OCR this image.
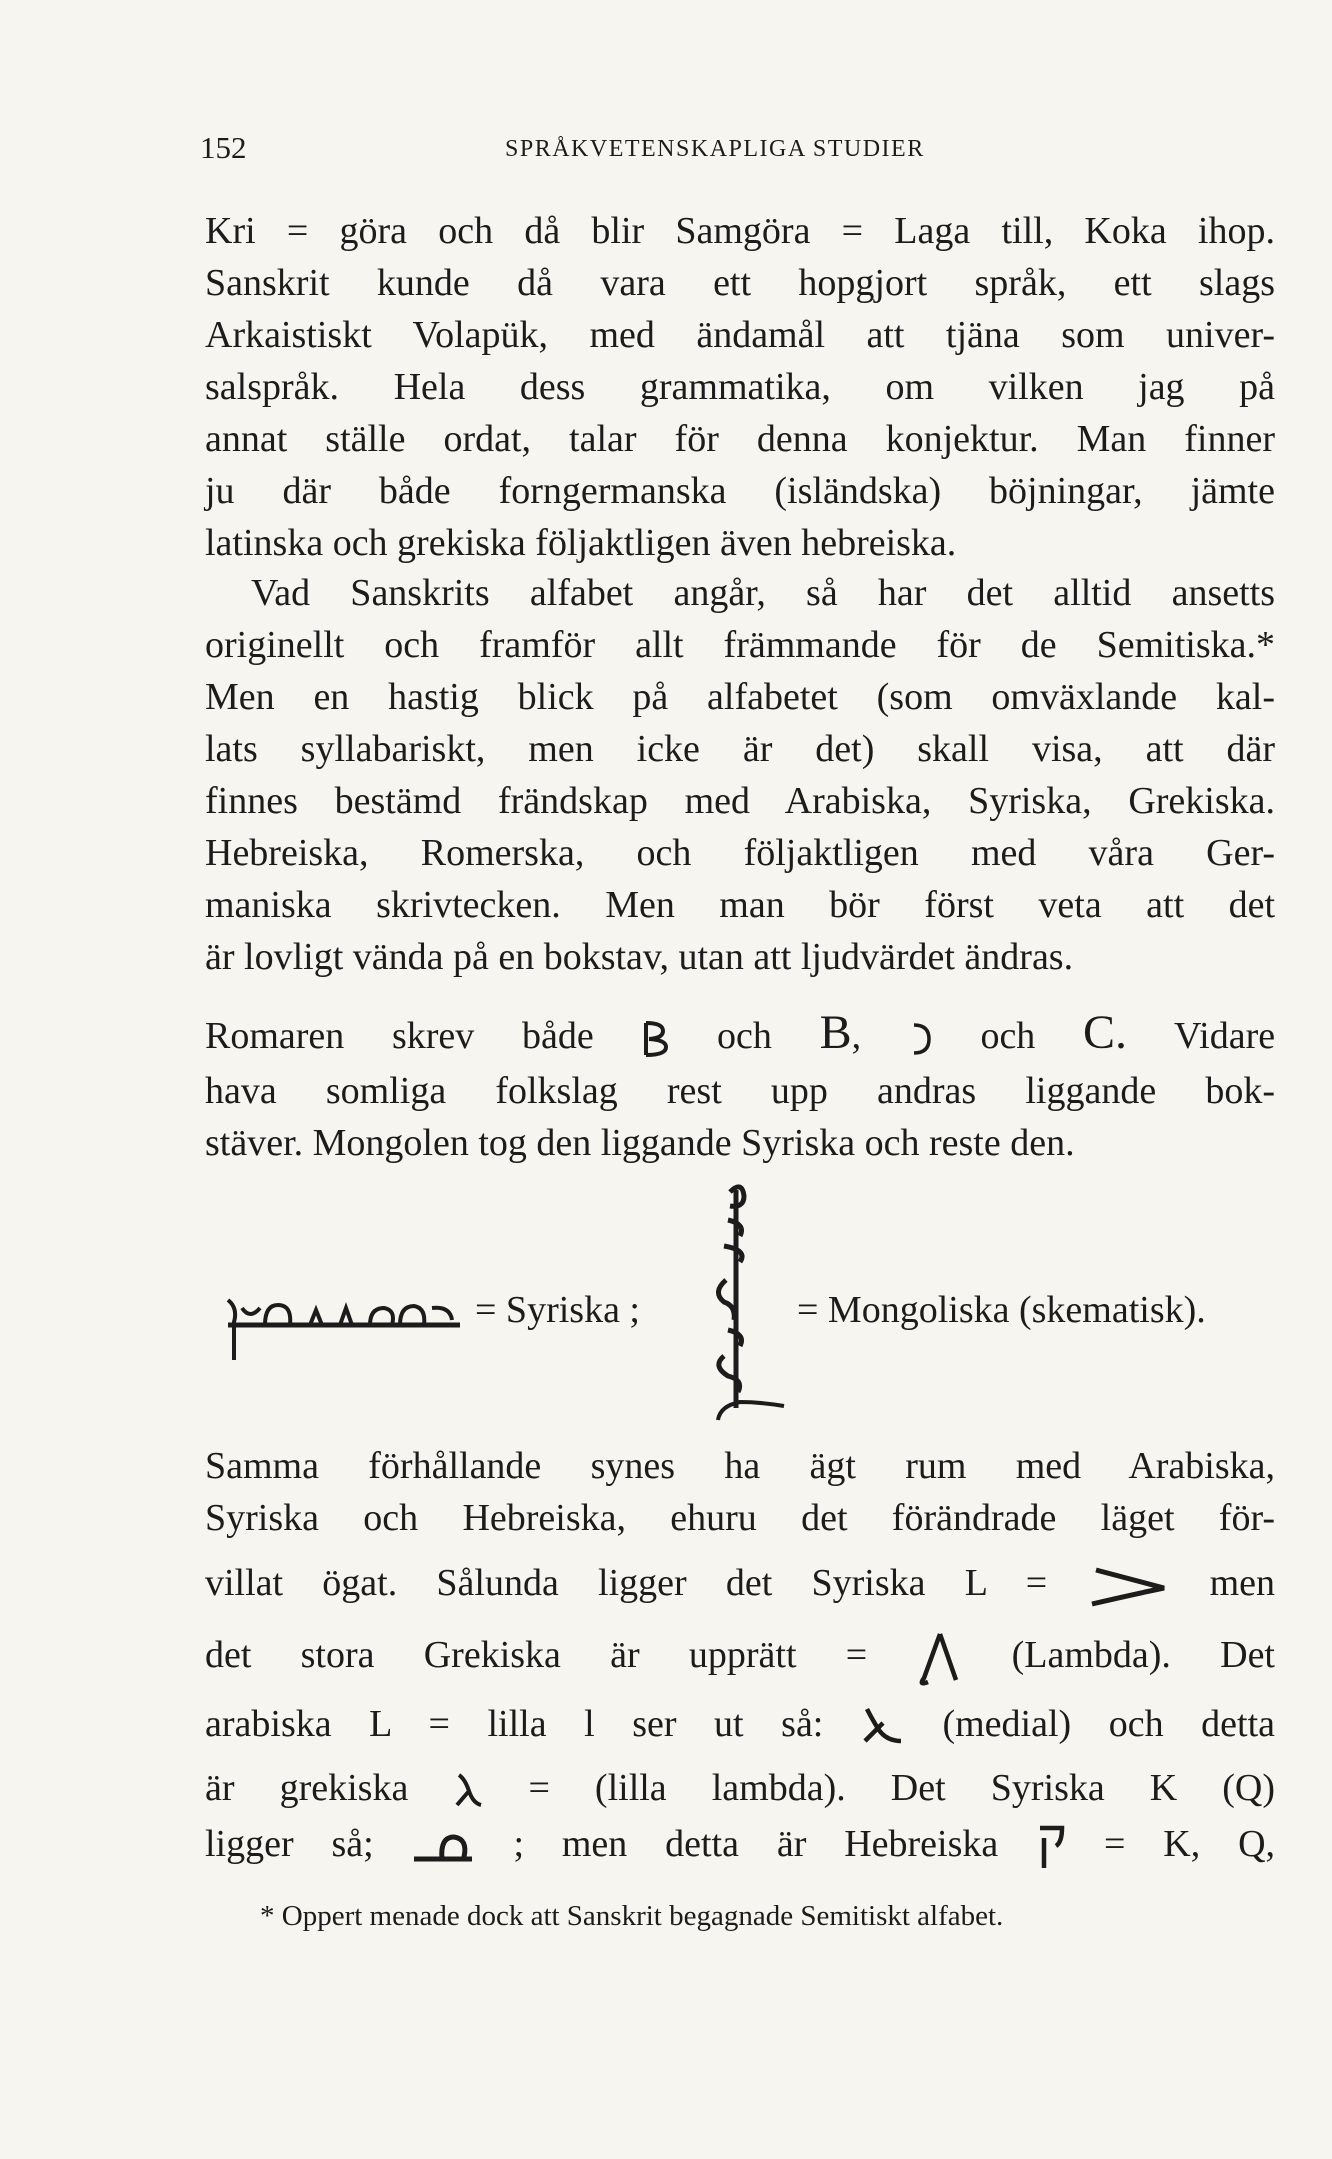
152	SPRÅKVETENSKAPLIGA STUDIER
Kri = göra och då blir Samgöra = Laga till, Koka ihop.
Sanskrit kunde då vara ett hopgjort språk, ett slags
Arkaistiskt Volapük, med ändamål att tjäna som univer-
salspråk. Hela dess grammatika, om vilken jag på
annat ställe ordat, talar för denna konjektur. Man finner
ju där både forngermanska (isländska) böjningar, jämte
latinska och grekiska följaktligen även hebreiska.
Vad Sanskrits alfabet angår, så har det alltid ansetts
originellt och framför allt främmande för de Semitiska.*
Men en hastig blick på alfabetet (som omväxlande kal-
lats syllabariskt, men icke är det) skall visa, att där
finnes bestämd frändskap med Arabiska, Syriska, Grekiska.
Hebreiska, Romerska, och följaktligen med våra Ger-
maniska skrivtecken. Men man bör först veta att det
är lovligt vända på en bokstav, utan att ljudvärdet ändras.
Romaren skrev både	och B,	och C. Vidare
hava somliga folkslag rest upp andras liggande bok-
stäver. Mongolen tog den liggande Syriska och reste den.
= Syriska ;	= Mongoliska (skematisk).
Samma förhållande synes ha ägt rum med Arabiska,
Syriska och Hebreiska, ehuru det förändrade läget för-
villat ögat. Sålunda ligger det Syriska L =	men
det stora Grekiska är upprätt =	(Lambda). Det
arabiska L = lilla l ser ut så:	(medial) och detta
är grekiska	= (lilla lambda). Det Syriska K (Q)
ligger så;	; men detta är Hebreiska	= K, Q,
* Oppert menade dock att Sanskrit begagnade Semitiskt alfabet.
